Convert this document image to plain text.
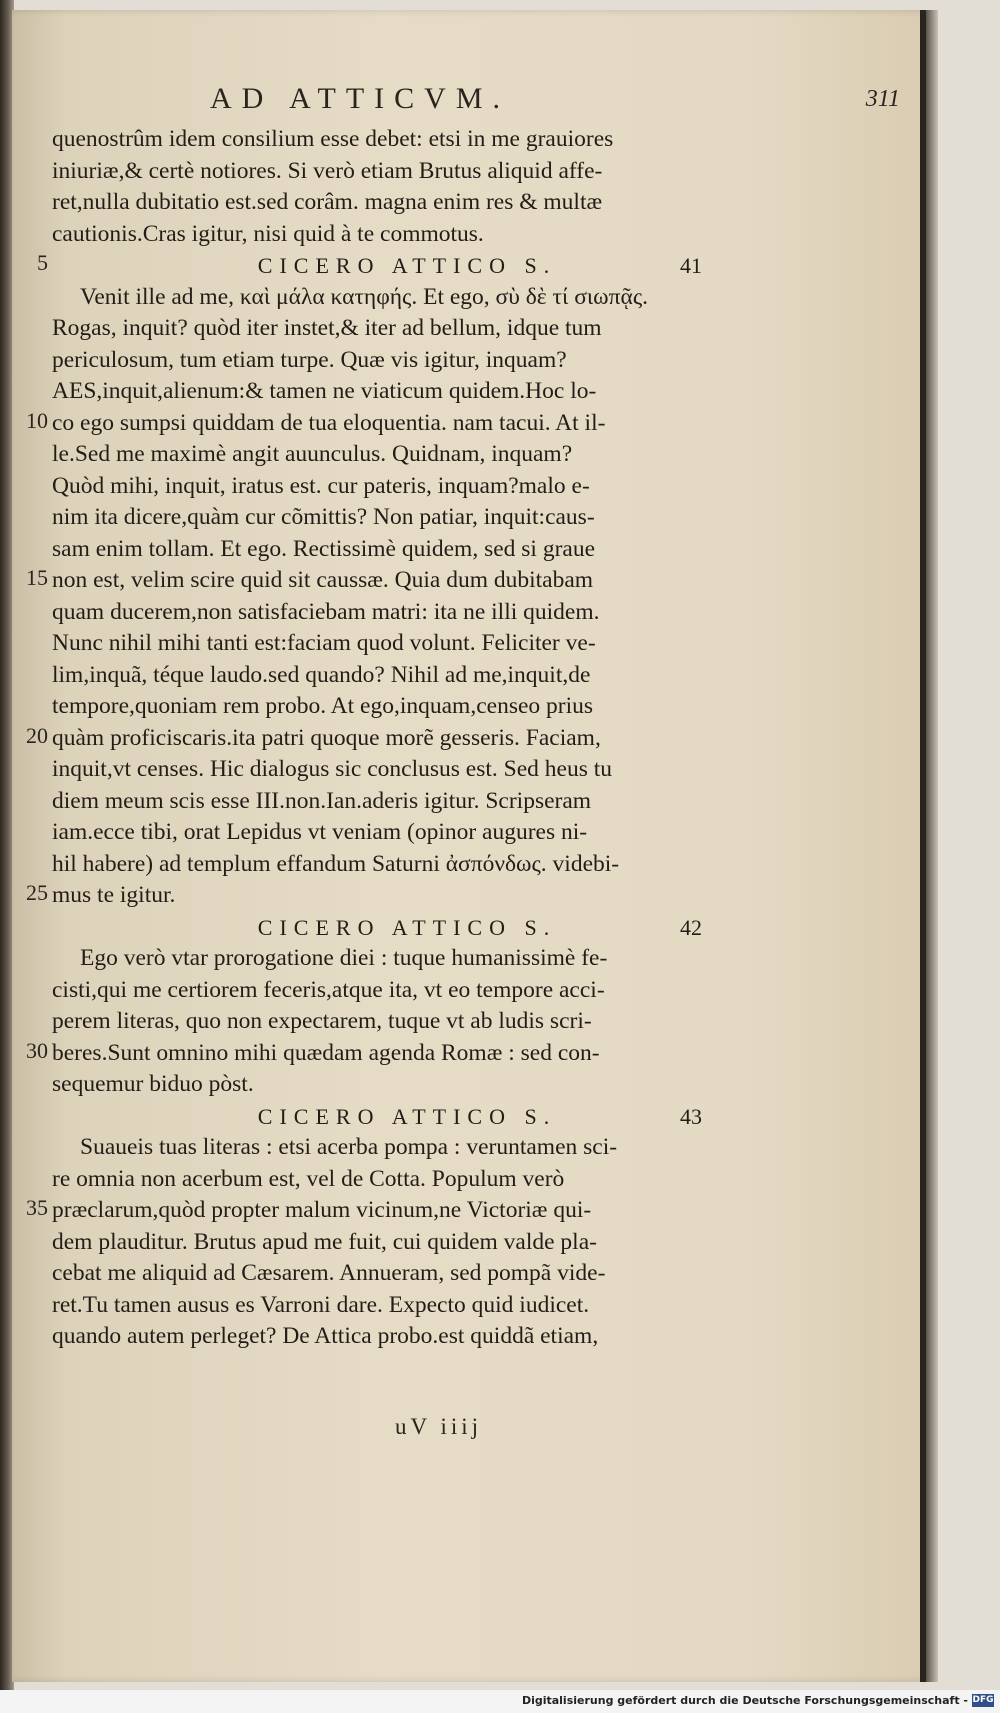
AD ATTICVM.	311
5
10
15
20
25
30
35
quenostrûm idem consilium esse debet: etsi in me grauiores
iniuriæ,& certè notiores. Si verò etiam Brutus aliquid affe-
ret,nulla dubitatio est.sed corâm. magna enim res & multæ
cautionis.Cras igitur, nisi quid à te commotus.
CICERO ATTICO S.	41
Venit ille ad me, καὶ μάλα κατηφής. Et ego, σὺ δὲ τί σιωπᾷς.
Rogas, inquit? quòd iter instet,& iter ad bellum, idque tum
periculosum, tum etiam turpe. Quæ vis igitur, inquam?
AES,inquit,alienum:& tamen ne viaticum quidem.Hoc lo-
co ego sumpsi quiddam de tua eloquentia. nam tacui. At il-
le.Sed me maximè angit auunculus. Quidnam, inquam?
Quòd mihi, inquit, iratus est. cur pateris, inquam?malo e-
nim ita dicere,quàm cur cõmittis? Non patiar, inquit:caus-
sam enim tollam. Et ego. Rectissimè quidem, sed si graue
non est, velim scire quid sit caussæ. Quia dum dubitabam
quam ducerem,non satisfaciebam matri: ita ne illi quidem.
Nunc nihil mihi tanti est:faciam quod volunt. Feliciter ve-
lim,inquã, téque laudo.sed quando? Nihil ad me,inquit,de
tempore,quoniam rem probo. At ego,inquam,censeo prius
quàm proficiscaris.ita patri quoque morẽ gesseris. Faciam,
inquit,vt censes. Hic dialogus sic conclusus est. Sed heus tu
diem meum scis esse III.non.Ian.aderis igitur. Scripseram
iam.ecce tibi, orat Lepidus vt veniam (opinor augures ni-
hil habere) ad templum effandum Saturni ἀσπόνδως. videbi-
mus te igitur.
CICERO ATTICO S.	42
Ego verò vtar prorogatione diei : tuque humanissimè fe-
cisti,qui me certiorem feceris,atque ita, vt eo tempore acci-
perem literas, quo non expectarem, tuque vt ab ludis scri-
beres.Sunt omnino mihi quædam agenda Romæ : sed con-
sequemur biduo pòst.
CICERO ATTICO S.	43
Suaueis tuas literas : etsi acerba pompa : veruntamen sci-
re omnia non acerbum est, vel de Cotta. Populum verò
præclarum,quòd propter malum vicinum,ne Victoriæ qui-
dem plauditur. Brutus apud me fuit, cui quidem valde pla-
cebat me aliquid ad Cæsarem. Annueram, sed pompã vide-
ret.Tu tamen ausus es Varroni dare. Expecto quid iudicet.
quando autem perleget? De Attica probo.est quiddã etiam,
uV iiij
Digitalisierung gefördert durch die Deutsche Forschungsgemeinschaft - DFG
